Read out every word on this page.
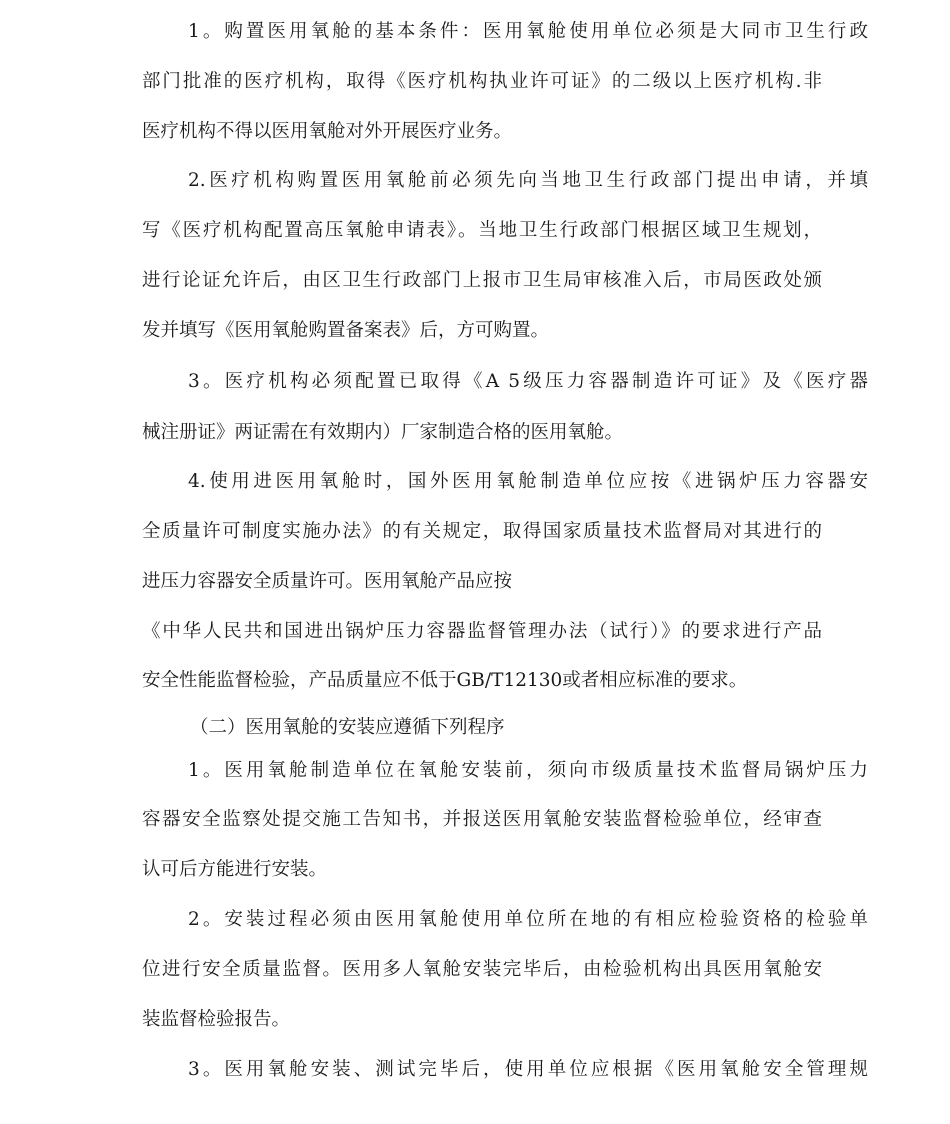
1。购置医用氧舱的基本条件：医用氧舱使用单位必须是大同市卫生行政
部门批准的医疗机构，取得《医疗机构执业许可证》的二级以上医疗机构.非
医疗机构不得以医用氧舱对外开展医疗业务。
2.医疗机构购置医用氧舱前必须先向当地卫生行政部门提出申请，并填
写《医疗机构配置高压氧舱申请表》。当地卫生行政部门根据区域卫生规划，
进行论证允许后，由区卫生行政部门上报市卫生局审核准入后，市局医政处颁
发并填写《医用氧舱购置备案表》后，方可购置。
3。医疗机构必须配置已取得《A 5级压力容器制造许可证》及《医疗器
械注册证》两证需在有效期内）厂家制造合格的医用氧舱。
4.使用进医用氧舱时，国外医用氧舱制造单位应按《进锅炉压力容器安
全质量许可制度实施办法》的有关规定，取得国家质量技术监督局对其进行的
进压力容器安全质量许可。医用氧舱产品应按
《中华人民共和国进出锅炉压力容器监督管理办法（试行）》的要求进行产品
安全性能监督检验，产品质量应不低于GB/T12130或者相应标准的要求。
（二）医用氧舱的安装应遵循下列程序
1。医用氧舱制造单位在氧舱安装前，须向市级质量技术监督局锅炉压力
容器安全监察处提交施工告知书，并报送医用氧舱安装监督检验单位，经审查
认可后方能进行安装。
2。安装过程必须由医用氧舱使用单位所在地的有相应检验资格的检验单
位进行安全质量监督。医用多人氧舱安装完毕后，由检验机构出具医用氧舱安
装监督检验报告。
3。医用氧舱安装、测试完毕后，使用单位应根据《医用氧舱安全管理规
